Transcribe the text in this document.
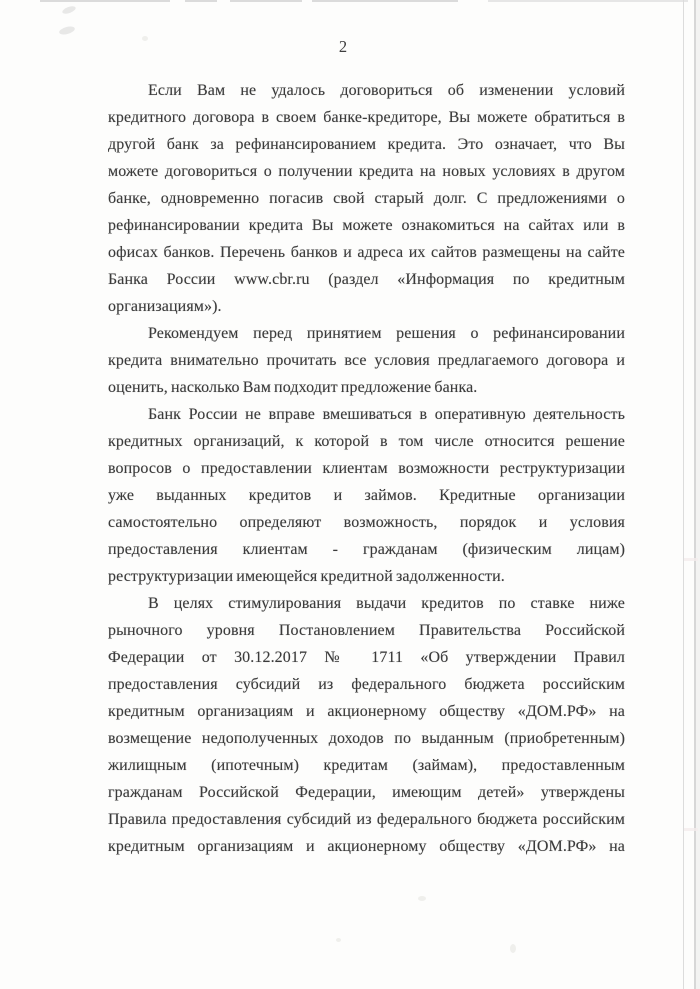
2
Если Вам не удалось договориться об изменении условий
кредитного договора в своем банке-кредиторе, Вы можете обратиться в
другой банк за рефинансированием кредита. Это означает, что Вы
можете договориться о получении кредита на новых условиях в другом
банке, одновременно погасив свой старый долг. С предложениями о
рефинансировании кредита Вы можете ознакомиться на сайтах или в
офисах банков. Перечень банков и адреса их сайтов размещены на сайте
Банка России www.cbr.ru (раздел «Информация по кредитным
организациям»).
Рекомендуем перед принятием решения о рефинансировании
кредита внимательно прочитать все условия предлагаемого договора и
оценить, насколько Вам подходит предложение банка.
Банк России не вправе вмешиваться в оперативную деятельность
кредитных организаций, к которой в том числе относится решение
вопросов о предоставлении клиентам возможности реструктуризации
уже выданных кредитов и займов. Кредитные организации
самостоятельно определяют возможность, порядок и условия
предоставления клиентам - гражданам (физическим лицам)
реструктуризации имеющейся кредитной задолженности.
В целях стимулирования выдачи кредитов по ставке ниже
рыночного уровня Постановлением Правительства Российской
Федерации от 30.12.2017 № 1711 «Об утверждении Правил
предоставления субсидий из федерального бюджета российским
кредитным организациям и акционерному обществу «ДОМ.РФ» на
возмещение недополученных доходов по выданным (приобретенным)
жилищным (ипотечным) кредитам (займам), предоставленным
гражданам Российской Федерации, имеющим детей» утверждены
Правила предоставления субсидий из федерального бюджета российским
кредитным организациям и акционерному обществу «ДОМ.РФ» на
